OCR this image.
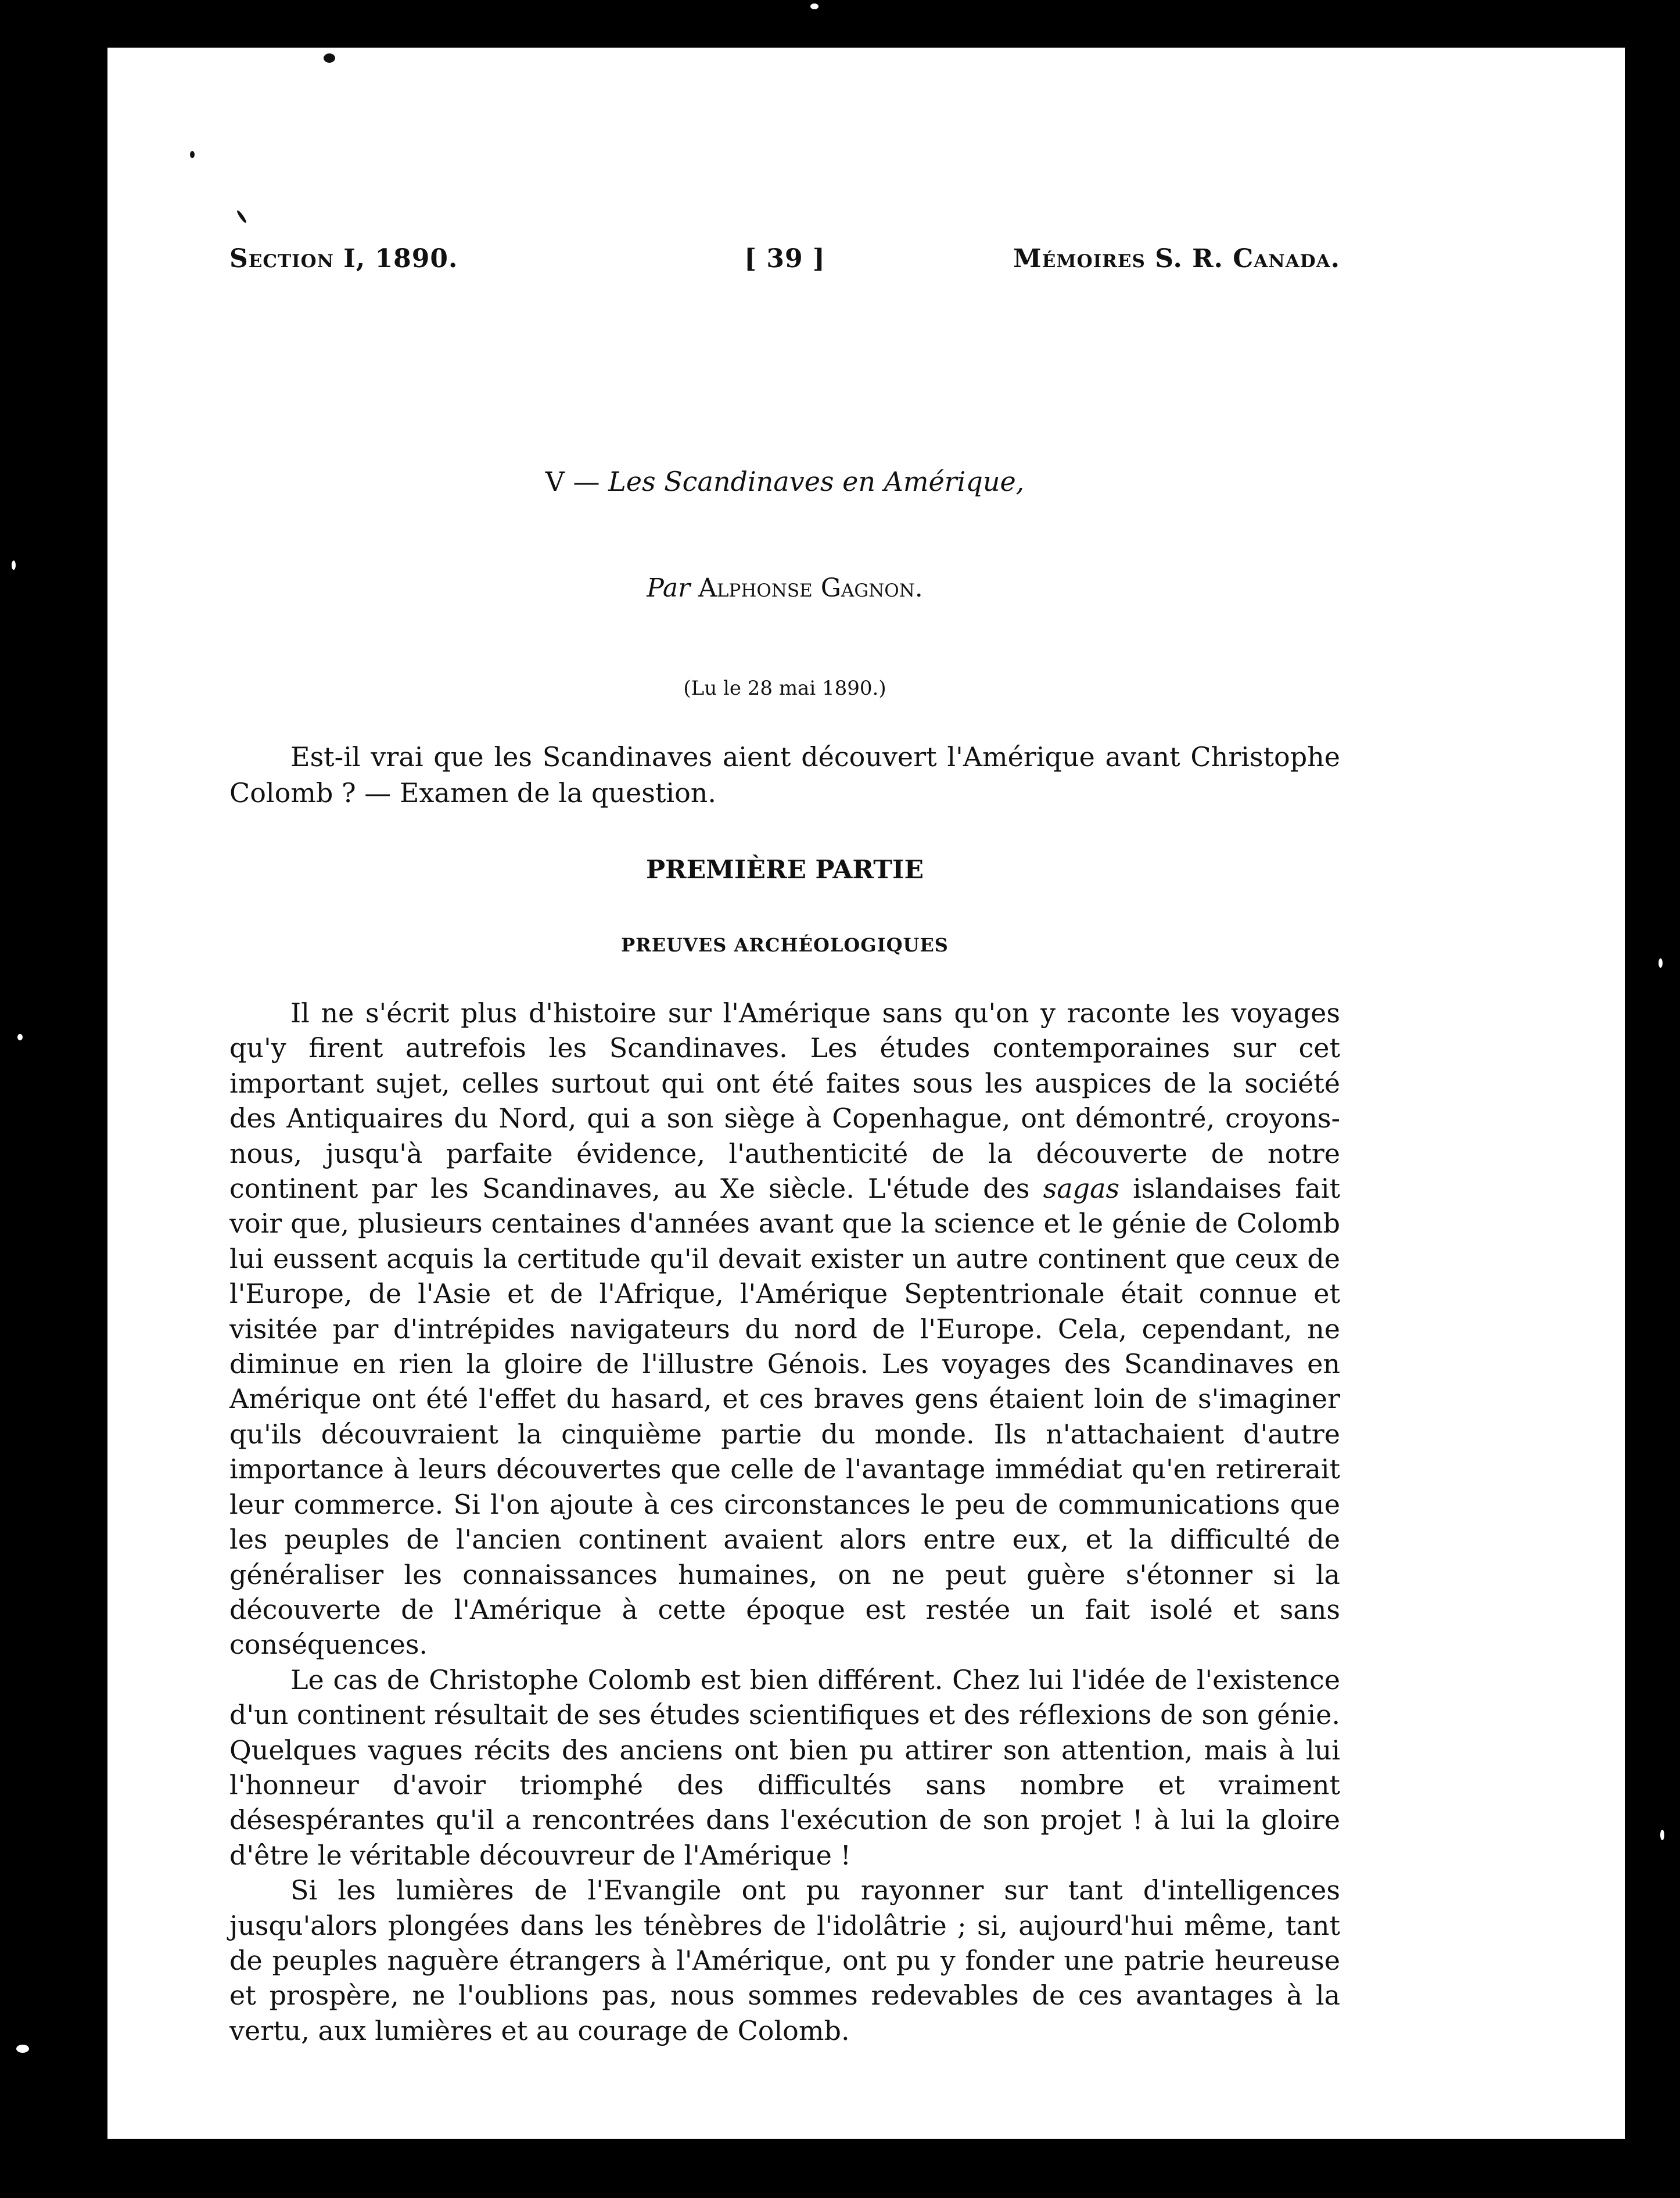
Section I, 1890.	[ 39 ]	Mémoires S. R. Canada.
V — Les Scandinaves en Amérique,
Par Alphonse Gagnon.
(Lu le 28 mai 1890.)

Est-il vrai que les Scandinaves aient découvert l'Amérique avant Christophe Colomb ? — Examen de la question.

PREMIÈRE PARTIE
PREUVES ARCHÉOLOGIQUES

Il ne s'écrit plus d'histoire sur l'Amérique sans qu'on y raconte les voyages qu'y firent autrefois les Scandinaves. Les études contemporaines sur cet important sujet, celles surtout qui ont été faites sous les auspices de la société des Antiquaires du Nord, qui a son siège à Copenhague, ont démontré, croyons-nous, jusqu'à parfaite évidence, l'authenticité de la découverte de notre continent par les Scandinaves, au Xe siècle. L'étude des sagas islandaises fait voir que, plusieurs centaines d'années avant que la science et le génie de Colomb lui eussent acquis la certitude qu'il devait exister un autre continent que ceux de l'Europe, de l'Asie et de l'Afrique, l'Amérique Septentrionale était connue et visitée par d'intrépides navigateurs du nord de l'Europe. Cela, cependant, ne diminue en rien la gloire de l'illustre Génois. Les voyages des Scandinaves en Amérique ont été l'effet du hasard, et ces braves gens étaient loin de s'imaginer qu'ils découvraient la cinquième partie du monde. Ils n'attachaient d'autre importance à leurs découvertes que celle de l'avantage immédiat qu'en retirerait leur commerce. Si l'on ajoute à ces circonstances le peu de communications que les peuples de l'ancien continent avaient alors entre eux, et la difficulté de généraliser les connaissances humaines, on ne peut guère s'étonner si la découverte de l'Amérique à cette époque est restée un fait isolé et sans conséquences.

Le cas de Christophe Colomb est bien différent. Chez lui l'idée de l'existence d'un continent résultait de ses études scientifiques et des réflexions de son génie. Quelques vagues récits des anciens ont bien pu attirer son attention, mais à lui l'honneur d'avoir triomphé des difficultés sans nombre et vraiment désespérantes qu'il a rencontrées dans l'exécution de son projet ! à lui la gloire d'être le véritable découvreur de l'Amérique !

Si les lumières de l'Evangile ont pu rayonner sur tant d'intelligences jusqu'alors plongées dans les ténèbres de l'idolâtrie ; si, aujourd'hui même, tant de peuples naguère étrangers à l'Amérique, ont pu y fonder une patrie heureuse et prospère, ne l'oublions pas, nous sommes redevables de ces avantages à la vertu, aux lumières et au courage de Colomb.
